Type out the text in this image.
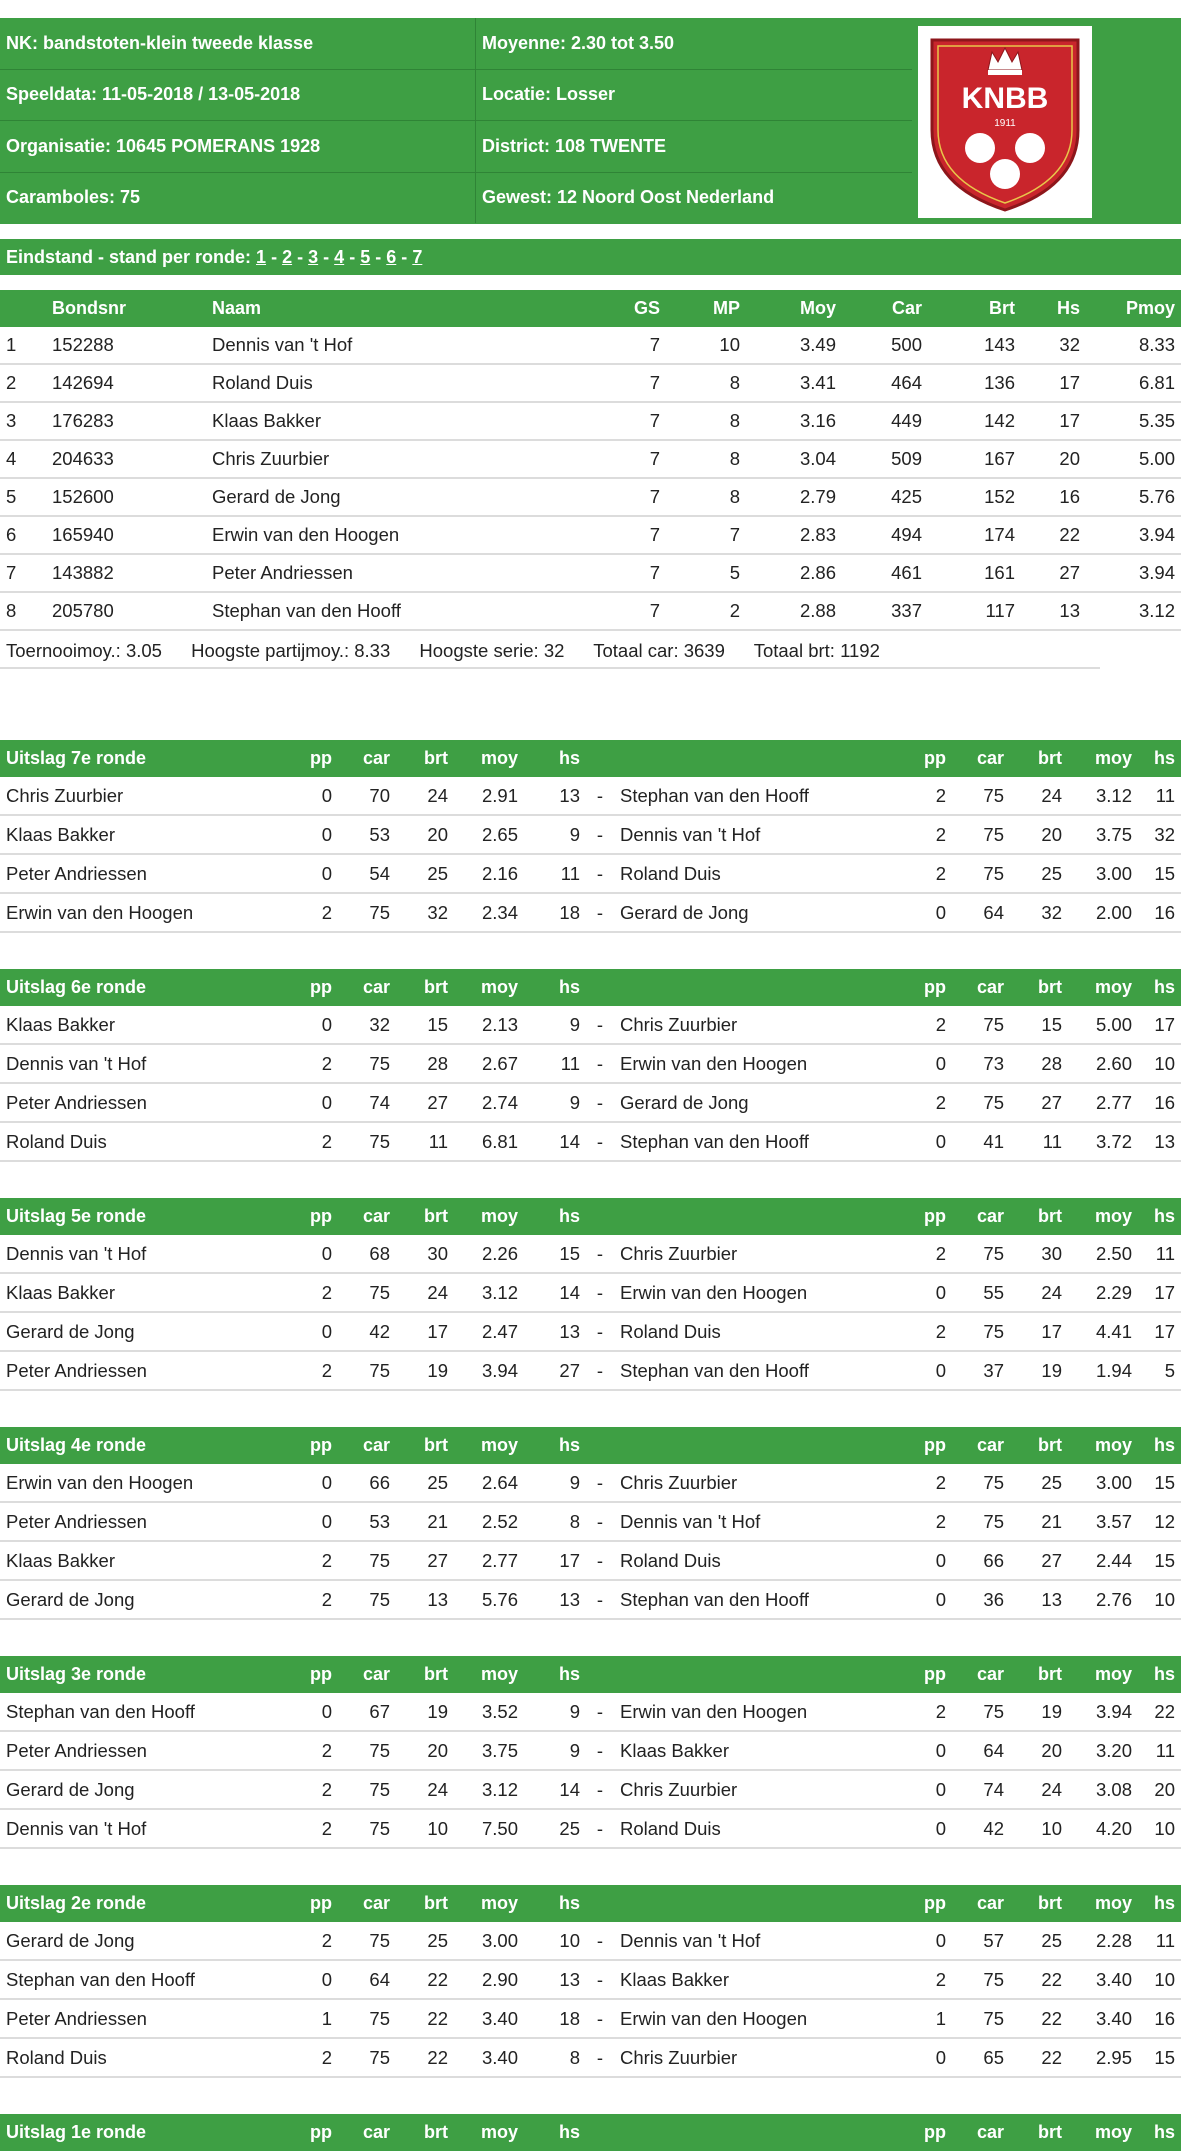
NK: bandstoten-klein tweede klasse	Moyenne: 2.30 tot 3.50
Speeldata: 11-05-2018 / 13-05-2018	Locatie: Losser
Organisatie: 10645 POMERANS 1928	District: 108 TWENTE
Caramboles: 75	Gewest: 12 Noord Oost Nederland
KNBB
1911
Eindstand - stand per ronde: 1 - 2 - 3 - 4 - 5 - 6 - 7
	Bondsnr	Naam	GS	MP	Moy	Car	Brt	Hs	Pmoy
1	152288	Dennis van 't Hof	7	10	3.49	500	143	32	8.33
2	142694	Roland Duis	7	8	3.41	464	136	17	6.81
3	176283	Klaas Bakker	7	8	3.16	449	142	17	5.35
4	204633	Chris Zuurbier	7	8	3.04	509	167	20	5.00
5	152600	Gerard de Jong	7	8	2.79	425	152	16	5.76
6	165940	Erwin van den Hoogen	7	7	2.83	494	174	22	3.94
7	143882	Peter Andriessen	7	5	2.86	461	161	27	3.94
8	205780	Stephan van den Hooff	7	2	2.88	337	117	13	3.12
Toernooimoy.: 3.05 Hoogste partijmoy.: 8.33 Hoogste serie: 32 Totaal car: 3639 Totaal brt: 1192
Uitslag 7e ronde	pp	car	brt	moy	hs			pp	car	brt	moy	hs
Chris Zuurbier	0	70	24	2.91	13	-	Stephan van den Hooff	2	75	24	3.12	11
Klaas Bakker	0	53	20	2.65	9	-	Dennis van 't Hof	2	75	20	3.75	32
Peter Andriessen	0	54	25	2.16	11	-	Roland Duis	2	75	25	3.00	15
Erwin van den Hoogen	2	75	32	2.34	18	-	Gerard de Jong	0	64	32	2.00	16
Uitslag 6e ronde	pp	car	brt	moy	hs			pp	car	brt	moy	hs
Klaas Bakker	0	32	15	2.13	9	-	Chris Zuurbier	2	75	15	5.00	17
Dennis van 't Hof	2	75	28	2.67	11	-	Erwin van den Hoogen	0	73	28	2.60	10
Peter Andriessen	0	74	27	2.74	9	-	Gerard de Jong	2	75	27	2.77	16
Roland Duis	2	75	11	6.81	14	-	Stephan van den Hooff	0	41	11	3.72	13
Uitslag 5e ronde	pp	car	brt	moy	hs			pp	car	brt	moy	hs
Dennis van 't Hof	0	68	30	2.26	15	-	Chris Zuurbier	2	75	30	2.50	11
Klaas Bakker	2	75	24	3.12	14	-	Erwin van den Hoogen	0	55	24	2.29	17
Gerard de Jong	0	42	17	2.47	13	-	Roland Duis	2	75	17	4.41	17
Peter Andriessen	2	75	19	3.94	27	-	Stephan van den Hooff	0	37	19	1.94	5
Uitslag 4e ronde	pp	car	brt	moy	hs			pp	car	brt	moy	hs
Erwin van den Hoogen	0	66	25	2.64	9	-	Chris Zuurbier	2	75	25	3.00	15
Peter Andriessen	0	53	21	2.52	8	-	Dennis van 't Hof	2	75	21	3.57	12
Klaas Bakker	2	75	27	2.77	17	-	Roland Duis	0	66	27	2.44	15
Gerard de Jong	2	75	13	5.76	13	-	Stephan van den Hooff	0	36	13	2.76	10
Uitslag 3e ronde	pp	car	brt	moy	hs			pp	car	brt	moy	hs
Stephan van den Hooff	0	67	19	3.52	9	-	Erwin van den Hoogen	2	75	19	3.94	22
Peter Andriessen	2	75	20	3.75	9	-	Klaas Bakker	0	64	20	3.20	11
Gerard de Jong	2	75	24	3.12	14	-	Chris Zuurbier	0	74	24	3.08	20
Dennis van 't Hof	2	75	10	7.50	25	-	Roland Duis	0	42	10	4.20	10
Uitslag 2e ronde	pp	car	brt	moy	hs			pp	car	brt	moy	hs
Gerard de Jong	2	75	25	3.00	10	-	Dennis van 't Hof	0	57	25	2.28	11
Stephan van den Hooff	0	64	22	2.90	13	-	Klaas Bakker	2	75	22	3.40	10
Peter Andriessen	1	75	22	3.40	18	-	Erwin van den Hoogen	1	75	22	3.40	16
Roland Duis	2	75	22	3.40	8	-	Chris Zuurbier	0	65	22	2.95	15
Uitslag 1e ronde	pp	car	brt	moy	hs			pp	car	brt	moy	hs
